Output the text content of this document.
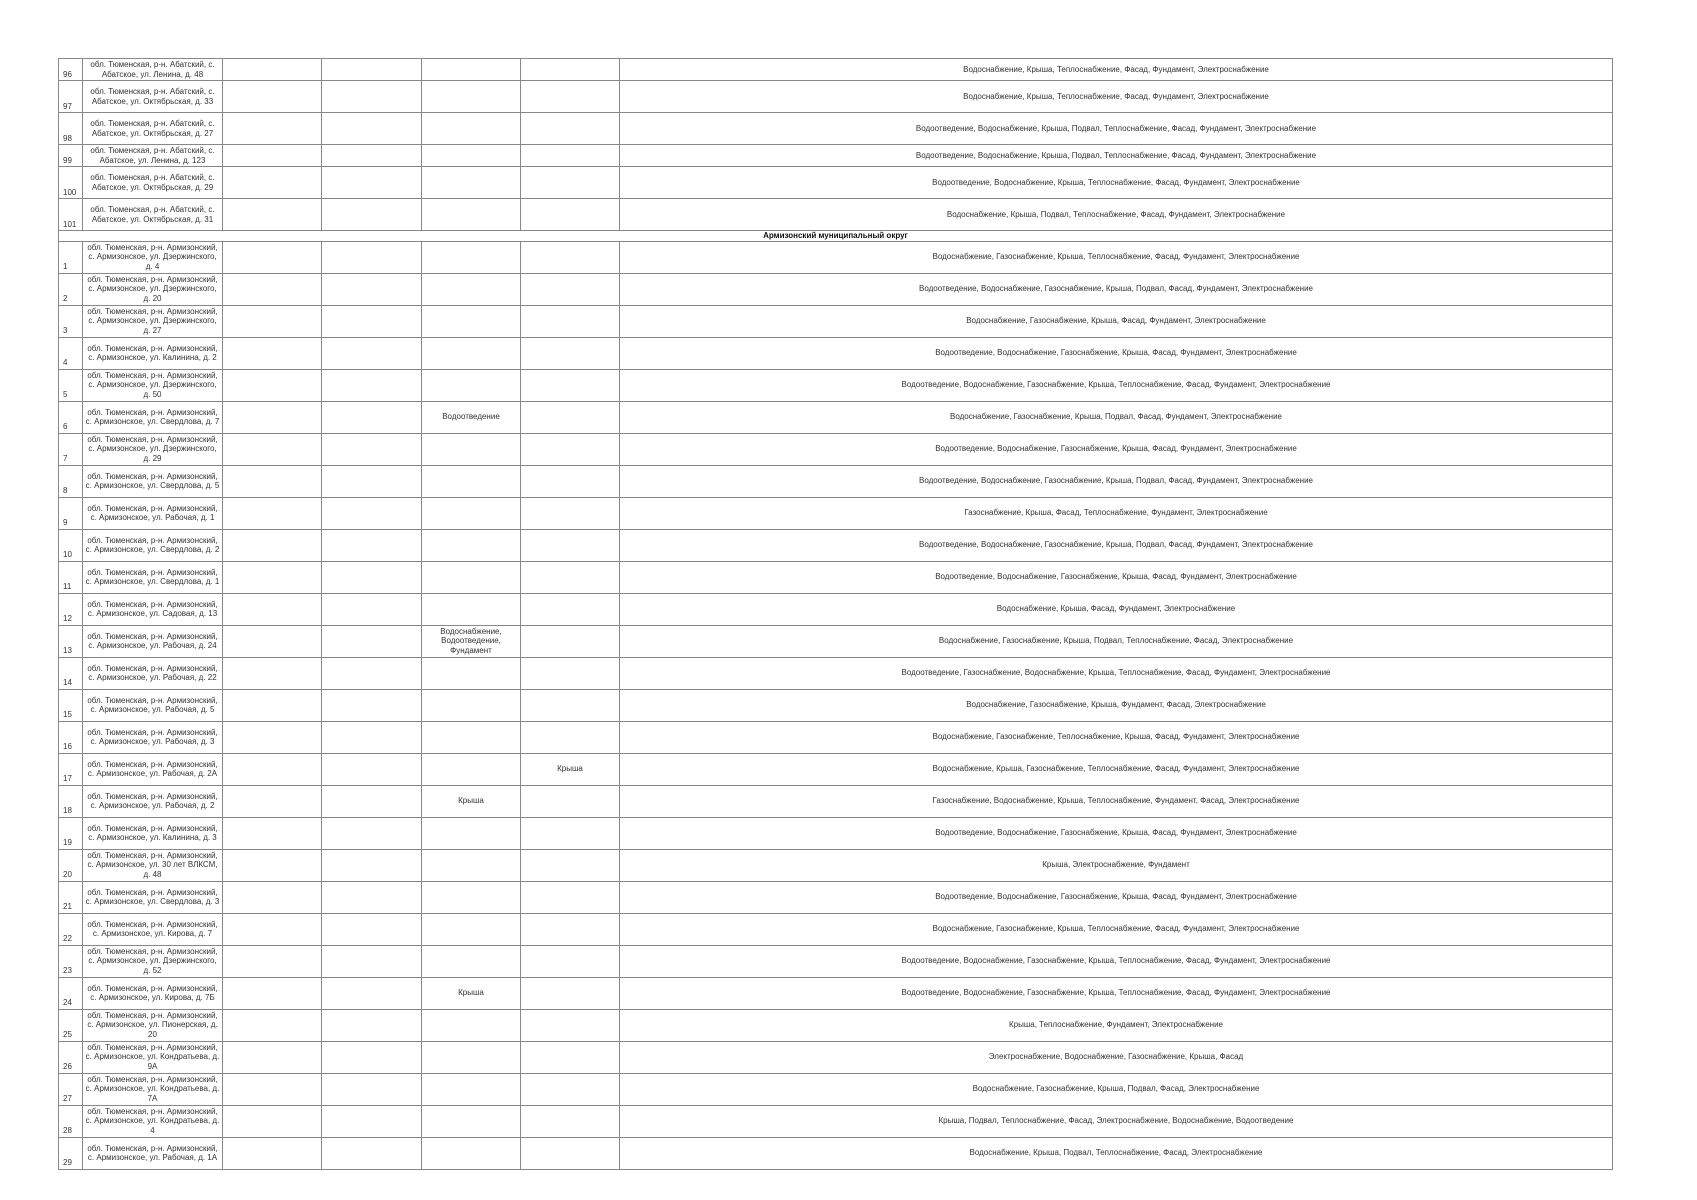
96	обл. Тюменская, р-н. Абатский, с. Абатское, ул. Ленина, д. 48					Водоснабжение, Крыша, Теплоснабжение, Фасад, Фундамент, Электроснабжение
97	обл. Тюменская, р-н. Абатский, с. Абатское, ул. Октябрьская, д. 33					Водоснабжение, Крыша, Теплоснабжение, Фасад, Фундамент, Электроснабжение
98	обл. Тюменская, р-н. Абатский, с. Абатское, ул. Октябрьская, д. 27					Водоотведение, Водоснабжение, Крыша, Подвал, Теплоснабжение, Фасад, Фундамент, Электроснабжение
99	обл. Тюменская, р-н. Абатский, с. Абатское, ул. Ленина, д. 123					Водоотведение, Водоснабжение, Крыша, Подвал, Теплоснабжение, Фасад, Фундамент, Электроснабжение
100	обл. Тюменская, р-н. Абатский, с. Абатское, ул. Октябрьская, д. 29					Водоотведение, Водоснабжение, Крыша, Теплоснабжение, Фасад, Фундамент, Электроснабжение
101	обл. Тюменская, р-н. Абатский, с. Абатское, ул. Октябрьская, д. 31					Водоснабжение, Крыша, Подвал, Теплоснабжение, Фасад, Фундамент, Электроснабжение
Армизонский муниципальный округ						
1	обл. Тюменская, р-н. Армизонский, с. Армизонское, ул. Дзержинского, д. 4					Водоснабжение, Газоснабжение, Крыша, Теплоснабжение, Фасад, Фундамент, Электроснабжение
2	обл. Тюменская, р-н. Армизонский, с. Армизонское, ул. Дзержинского, д. 20					Водоотведение, Водоснабжение, Газоснабжение, Крыша, Подвал, Фасад, Фундамент, Электроснабжение
3	обл. Тюменская, р-н. Армизонский, с. Армизонское, ул. Дзержинского, д. 27					Водоснабжение, Газоснабжение, Крыша, Фасад, Фундамент, Электроснабжение
4	обл. Тюменская, р-н. Армизонский, с. Армизонское, ул. Калинина, д. 2					Водоотведение, Водоснабжение, Газоснабжение, Крыша, Фасад, Фундамент, Электроснабжение
5	обл. Тюменская, р-н. Армизонский, с. Армизонское, ул. Дзержинского, д. 50					Водоотведение, Водоснабжение, Газоснабжение, Крыша, Теплоснабжение, Фасад, Фундамент, Электроснабжение
6	обл. Тюменская, р-н. Армизонский, с. Армизонское, ул. Свердлова, д. 7			Водоотведение		Водоснабжение, Газоснабжение, Крыша, Подвал, Фасад, Фундамент, Электроснабжение
7	обл. Тюменская, р-н. Армизонский, с. Армизонское, ул. Дзержинского, д. 29					Водоотведение, Водоснабжение, Газоснабжение, Крыша, Фасад, Фундамент, Электроснабжение
8	обл. Тюменская, р-н. Армизонский, с. Армизонское, ул. Свердлова, д. 5					Водоотведение, Водоснабжение, Газоснабжение, Крыша, Подвал, Фасад, Фундамент, Электроснабжение
9	обл. Тюменская, р-н. Армизонский, с. Армизонское, ул. Рабочая, д. 1					Газоснабжение, Крыша, Фасад, Теплоснабжение, Фундамент, Электроснабжение
10	обл. Тюменская, р-н. Армизонский, с. Армизонское, ул. Свердлова, д. 2					Водоотведение, Водоснабжение, Газоснабжение, Крыша, Подвал, Фасад, Фундамент, Электроснабжение
11	обл. Тюменская, р-н. Армизонский, с. Армизонское, ул. Свердлова, д. 1					Водоотведение, Водоснабжение, Газоснабжение, Крыша, Фасад, Фундамент, Электроснабжение
12	обл. Тюменская, р-н. Армизонский, с. Армизонское, ул. Садовая, д. 13					Водоснабжение, Крыша, Фасад, Фундамент, Электроснабжение
13	обл. Тюменская, р-н. Армизонский, с. Армизонское, ул. Рабочая, д. 24			Водоснабжение, Водоотведение, Фундамент		Водоснабжение, Газоснабжение, Крыша, Подвал, Теплоснабжение, Фасад, Электроснабжение
14	обл. Тюменская, р-н. Армизонский, с. Армизонское, ул. Рабочая, д. 22					Водоотведение, Газоснабжение, Водоснабжение, Крыша, Теплоснабжение, Фасад, Фундамент, Электроснабжение
15	обл. Тюменская, р-н. Армизонский, с. Армизонское, ул. Рабочая, д. 5					Водоснабжение, Газоснабжение, Крыша, Фундамент, Фасад, Электроснабжение
16	обл. Тюменская, р-н. Армизонский, с. Армизонское, ул. Рабочая, д. 3					Водоснабжение, Газоснабжение, Теплоснабжение, Крыша, Фасад, Фундамент, Электроснабжение
17	обл. Тюменская, р-н. Армизонский, с. Армизонское, ул. Рабочая, д. 2А				Крыша	Водоснабжение, Крыша, Газоснабжение, Теплоснабжение, Фасад, Фундамент, Электроснабжение
18	обл. Тюменская, р-н. Армизонский, с. Армизонское, ул. Рабочая, д. 2			Крыша		Газоснабжение, Водоснабжение, Крыша, Теплоснабжение, Фундамент, Фасад, Электроснабжение
19	обл. Тюменская, р-н. Армизонский, с. Армизонское, ул. Калинина, д. 3					Водоотведение, Водоснабжение, Газоснабжение, Крыша, Фасад, Фундамент, Электроснабжение
20	обл. Тюменская, р-н. Армизонский, с. Армизонское, ул. 30 лет ВЛКСМ, д. 48					Крыша, Электроснабжение, Фундамент
21	обл. Тюменская, р-н. Армизонский, с. Армизонское, ул. Свердлова, д. 3					Водоотведение, Водоснабжение, Газоснабжение, Крыша, Фасад, Фундамент, Электроснабжение
22	обл. Тюменская, р-н. Армизонский, с. Армизонское, ул. Кирова, д. 7					Водоснабжение, Газоснабжение, Крыша, Теплоснабжение, Фасад, Фундамент, Электроснабжение
23	обл. Тюменская, р-н. Армизонский, с. Армизонское, ул. Дзержинского, д. 52					Водоотведение, Водоснабжение, Газоснабжение, Крыша, Теплоснабжение, Фасад, Фундамент, Электроснабжение
24	обл. Тюменская, р-н. Армизонский, с. Армизонское, ул. Кирова, д. 7Б			Крыша		Водоотведение, Водоснабжение, Газоснабжение, Крыша, Теплоснабжение, Фасад, Фундамент, Электроснабжение
25	обл. Тюменская, р-н. Армизонский, с. Армизонское, ул. Пионерская, д. 20					Крыша, Теплоснабжение, Фундамент, Электроснабжение
26	обл. Тюменская, р-н. Армизонский, с. Армизонское, ул. Кондратьева, д. 9А					Электроснабжение, Водоснабжение, Газоснабжение, Крыша, Фасад
27	обл. Тюменская, р-н. Армизонский, с. Армизонское, ул. Кондратьева, д. 7А					Водоснабжение, Газоснабжение, Крыша, Подвал, Фасад, Электроснабжение
28	обл. Тюменская, р-н. Армизонский, с. Армизонское, ул. Кондратьева, д. 4					Крыша, Подвал, Теплоснабжение, Фасад, Электроснабжение, Водоснабжение, Водоотведение
29	обл. Тюменская, р-н. Армизонский, с. Армизонское, ул. Рабочая, д. 1А					Водоснабжение, Крыша, Подвал, Теплоснабжение, Фасад, Электроснабжение
